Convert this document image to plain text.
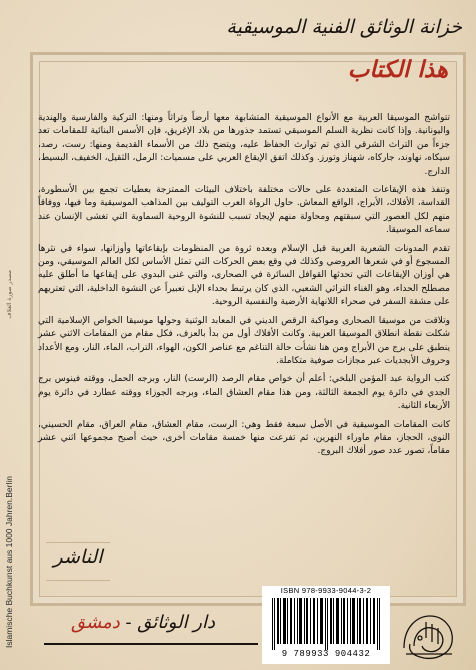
خزانة الوثائق الفنية الموسيقية
هذا الكتاب

تتواشج الموسيقا العربية مع الأنواع الموسيقية المتشابهة معها أرضاً وتراثاً ومنها: التركية والفارسية والهندية واليونانية. وإذا كانت نظرية السلم الموسيقي تستمد جذورها من بلاد الإغريق، فإن الأسس البنائية للمقامات تعد جزءاً من التراث الشرقي الذي تم توارث الحفاظ عليه، ويتضح ذلك من الأسماء القديمة ومنها: رست، رصد، سيكاه، نهاوند، جاركاه، شهناز وتورز. وكذلك اتفق الإيقاع العربي على مسميات: الرمل، الثقيل، الخفيف، البسيط، الدارج.

وتنفذ هذه الإيقاعات المتعددة على حالات مختلفة باختلاف البيئات الممتزجة بعطيات تجمع بين الأسطورة، القداسة، الأفلاك، الأبراج، الواقع المعاش. حاول الرواة العرب التوليف بين المذاهب الموسيقية وما فيها، ووفاقاً منهم لكل العصور التي سبقتهم ومحاولة منهم لإيجاد تسبب للنشوة الروحية السماوية التي تغشى الإنسان عند سماعه الموسيقا.

تقدم المدونات الشعرية العربية قبل الإسلام وبعده ثروة من المنظومات بإيقاعاتها وأوزانها، سواء في نثرها المسجوع أو في شعرها العروضي وكذلك في وقع بعض الحركات التي تمثل الأساس لكل العالم الموسيقي، ومن هي أوزان الإيقاعات التي تحدثها القوافل السائرة في الصحارى، والتي غنى البدوي على إيقاعها ما أطلق عليه مصطلح الحداء، وهو الغناء التراثي الشعبي، الذي كان يرتبط بحداء الإبل تعبيراً عن النشوة الداخلية، التي تعتريهم على مشقة السفر في صحراء اللانهاية الأرضية والنفسية الروحية.

وتلاقت من موسيقا الصحارى ومواكبة الرقص الديني في المعابد الوثنية وحولها موسيقا الخواص الإسلامية التي شكلت نقطة انطلاق الموسيقا العربية. وكانت الأفلاك أول من بدأ بالعزف، فكل مقام من المقامات الاثني عشر ينطبق على برج من الأبراج ومن هنا نشأت حالة التناغم مع عناصر الكون، الهواء، التراب، الماء، النار، ومع الأعداد وحروف الأبجديات عبر مجازات صوفية متكاملة.

كتب الرواية عبد المؤمن البلخي: أعلم أن خواص مقام الرصد (الرست) النار، وبرجه الحمل، ووقته فينوس برج الجدي في دائرة يوم الجمعة الثالثة، ومن هذا مقام العشاق الماء، وبرجه الجوزاء ووقته عطارد في دائرة يوم الأربعاء الثانية.

كانت المقامات الموسيقية في الأصل سبعة فقط وهي: الرست، مقام العشاق، مقام العراق، مقام الحسيني، النوى، الحجاز، مقام ماوراء النهرين، ثم تفرعت منها خمسة مقامات أخرى، حيث أصبح مجموعها اثني عشر مقاماً، تصور عدد صور أفلاك البروج.

الناشر
Islamische Buchkunst aus 1000 Jahren.Berlin
مصدر صورة الغلاف
دار الوثائق - دمشق
ISBN 978-9933-9044-3-2
9 789933 904432
